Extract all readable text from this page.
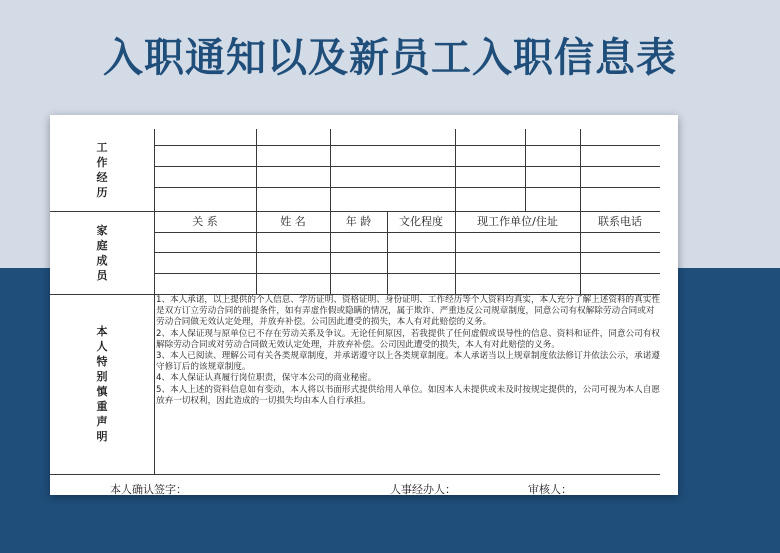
入职通知以及新员工入职信息表
工作经历
家庭成员
本人特别慎重声明
关 系	姓 名	年 龄	文化程度	现工作单位/住址	联系电话

1、本人承诺，以上提供的个人信息、学历证明、资格证明、身份证明、工作经历等个人资料均真实，本人充分了解上述资料的真实性是双方订立劳动合同的前提条件，如有弄虚作假或隐瞒的情况，属于欺诈、严重违反公司规章制度，同意公司有权解除劳动合同或对劳动合同做无效认定处理，并放弃补偿。公司因此遭受的损失，本人有对此赔偿的义务。

2、本人保证现与原单位已不存在劳动关系及争议。无论任何原因，若我提供了任何虚假或误导性的信息、资料和证件，同意公司有权解除劳动合同或对劳动合同做无效认定处理，并放弃补偿。公司因此遭受的损失，本人有对此赔偿的义务。

3、本人已阅读、理解公司有关各类规章制度，并承诺遵守以上各类规章制度。本人承诺当以上规章制度依法修订并依法公示，承诺遵守修订后的该规章制度。

4、本人保证认真履行岗位职责，保守本公司的商业秘密。

5、本人上述的资料信息如有变动，本人将以书面形式提供给用人单位。如因本人未提供或未及时按规定提供的，公司可视为本人自愿放弃一切权利，因此造成的一切损失均由本人自行承担。

本人确认签字：	人事经办人：	审核人：
